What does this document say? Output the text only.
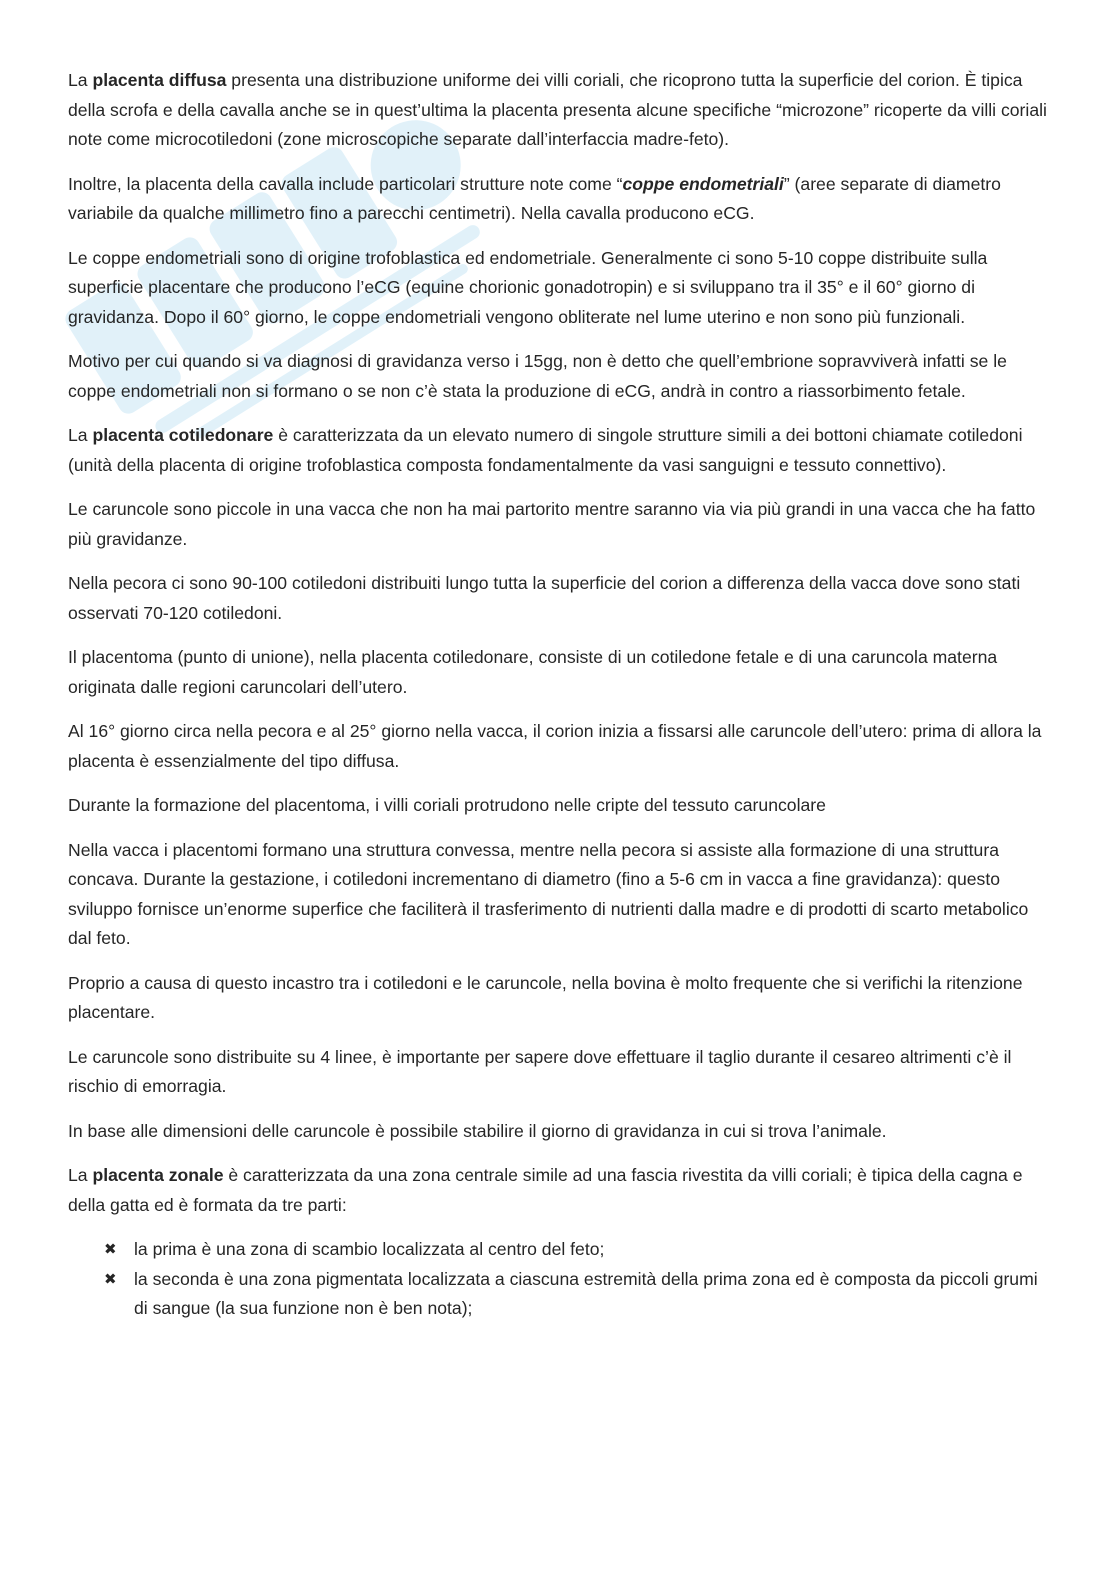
La placenta diffusa presenta una distribuzione uniforme dei villi coriali, che ricoprono tutta la superficie del corion. È tipica della scrofa e della cavalla anche se in quest’ultima la placenta presenta alcune specifiche “microzone” ricoperte da villi coriali note come microcotiledoni (zone microscopiche separate dall’interfaccia madre-feto).

Inoltre, la placenta della cavalla include particolari strutture note come “coppe endometriali” (aree separate di diametro variabile da qualche millimetro fino a parecchi centimetri). Nella cavalla producono eCG.

Le coppe endometriali sono di origine trofoblastica ed endometriale. Generalmente ci sono 5-10 coppe distribuite sulla superficie placentare che producono l’eCG (equine chorionic gonadotropin) e si sviluppano tra il 35° e il 60° giorno di gravidanza. Dopo il 60° giorno, le coppe endometriali vengono obliterate nel lume uterino e non sono più funzionali.

Motivo per cui quando si va diagnosi di gravidanza verso i 15gg, non è detto che quell’embrione sopravviverà infatti se le coppe endometriali non si formano o se non c’è stata la produzione di eCG, andrà in contro a riassorbimento fetale.

La placenta cotiledonare è caratterizzata da un elevato numero di singole strutture simili a dei bottoni chiamate cotiledoni (unità della placenta di origine trofoblastica composta fondamentalmente da vasi sanguigni e tessuto connettivo).

Le caruncole sono piccole in una vacca che non ha mai partorito mentre saranno via via più grandi in una vacca che ha fatto più gravidanze.

Nella pecora ci sono 90-100 cotiledoni distribuiti lungo tutta la superficie del corion a differenza della vacca dove sono stati osservati 70-120 cotiledoni.

Il placentoma (punto di unione), nella placenta cotiledonare, consiste di un cotiledone fetale e di una caruncola materna originata dalle regioni caruncolari dell’utero.

Al 16° giorno circa nella pecora e al 25° giorno nella vacca, il corion inizia a fissarsi alle caruncole dell’utero: prima di allora la placenta è essenzialmente del tipo diffusa.

Durante la formazione del placentoma, i villi coriali protrudono nelle cripte del tessuto caruncolare

Nella vacca i placentomi formano una struttura convessa, mentre nella pecora si assiste alla formazione di una struttura concava. Durante la gestazione, i cotiledoni incrementano di diametro (fino a 5-6 cm in vacca a fine gravidanza): questo sviluppo fornisce un’enorme superfice che faciliterà il trasferimento di nutrienti dalla madre e di prodotti di scarto metabolico dal feto.

Proprio a causa di questo incastro tra i cotiledoni e le caruncole, nella bovina è molto frequente che si verifichi la ritenzione placentare.

Le caruncole sono distribuite su 4 linee, è importante per sapere dove effettuare il taglio durante il cesareo altrimenti c’è il rischio di emorragia.

In base alle dimensioni delle caruncole è possibile stabilire il giorno di gravidanza in cui si trova l’animale.

La placenta zonale è caratterizzata da una zona centrale simile ad una fascia rivestita da villi coriali; è tipica della cagna e della gatta ed è formata da tre parti:

✖ la prima è una zona di scambio localizzata al centro del feto;
✖ la seconda è una zona pigmentata localizzata a ciascuna estremità della prima zona ed è composta da piccoli grumi di sangue (la sua funzione non è ben nota);
